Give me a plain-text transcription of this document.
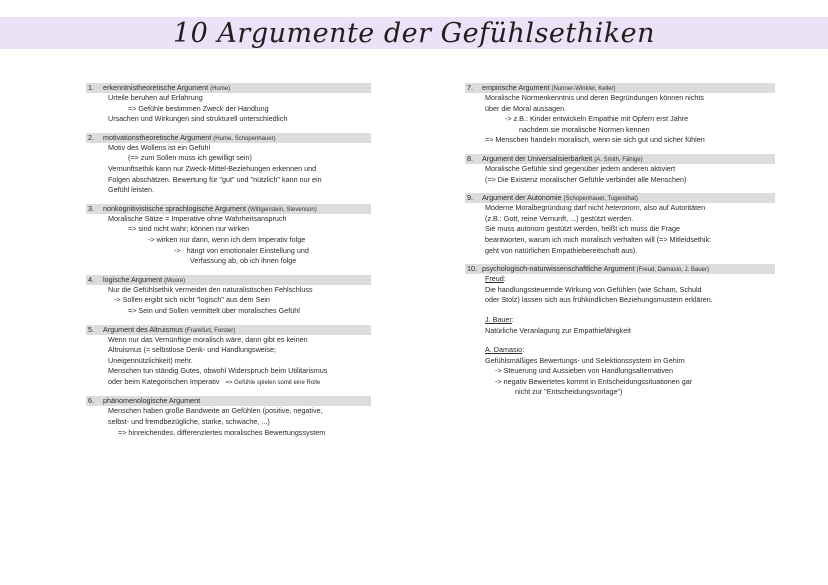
10 Argumente der Gefühlsethiken
1. erkenntnistheoretische Argument (Hume)
Urteile beruhen auf Erfahrung
=> Gefühle bestimmen Zweck der Handlung
Ursachen und Wirkungen sind strukturell unterschiedlich
2. motivationstheoretische Argument (Hume, Schopenhauer)
Motiv des Wollens ist ein Gefühl
(=> zum Sollen muss ich gewilligt sein)
Vernunftsethik kann nur Zweck-Mittel-Beziehungen erkennen und
Folgen abschätzen. Bewertung für "gut" und "nützlich" kann nur ein
Gefühl leisten.
3. nonkognitivistische sprachlogische Argument (Wittgenstein, Stevenson)
Moralische Sätze = Imperative ohne Wahrheitsanspruch
=> sind nicht wahr; können nur wirken
-> wirken nur dann, wenn ich dem Imperativ folge
-> hängt von emotionaler Einstellung und
Verfassung ab, ob ich ihnen folge
4. logische Argument (Moore)
Nur die Gefühlsethik vermeidet den naturalistischen Fehlschluss
-> Sollen ergibt sich nicht "logisch" aus dem Sein
=> Sein und Sollen vermittelt über moralisches Gefühl
5. Argument des Altruismus (Frankfurt, Forster)
Wenn nur das Vernünftige moralisch wäre, dann gibt es keinen
Altruismus (= selbstlose Denk- und Handlungsweise;
Uneigennützlichkeit) mehr.
Menschen tun ständig Gutes, obwohl Widerspruch beim Utilitarismus
oder beim Kategorischen Imperativ => Gefühle spielen somit eine Rolle
6. phänomenologische Argument
Menschen haben große Bandweite an Gefühlen (positive, negative,
selbst- und fremdbezügliche, starke, schwache, ...)
=> hinreichendes, differenziertes moralisches Bewertungssystem
7. empirische Argument (Nunner-Winkler, Keller)
Moralische Normenkenntnis und deren Begründungen können nichts
über die Moral aussagen.
-> z.B.: Kinder entwickeln Empathie mit Opfern erst Jahre
nachdem sie moralische Normen kennen
=> Menschen handeln moralisch, wenn sie sich gut und sicher fühlen
8. Argument der Universalisierbarkeit (A. Smith, Fähige)
Moralische Gefühle sind gegenüber jedem anderen aktiviert
(=> Die Existenz moralischer Gefühle verbindet alle Menschen)
9. Argument der Autonomie (Schopenhauer, Tugendhat)
Moderne Moralbegründung darf nicht heteronom, also auf Autoritäten
(z.B.: Gott, reine Vernunft, ...) gestützt werden.
Sie muss autonom gestützt werden, heißt ich muss die Frage
beantworten, warum ich mich moralisch verhalten will (=> Mitleidsethik:
geht von natürlichen Empathiebereitschaft aus).
10. psychologisch-naturwissenschaftliche Argument (Freud, Damasio, J. Bauer)
Freud:
Die handlungssteuernde Wirkung von Gefühlen (wie Scham, Schuld
oder Stolz) lassen sich aus frühkindlichen Beziehungsmustern erklären.
J. Bauer:
Natürliche Veranlagung zur Empathiefähigkeit
A. Damasio:
Gefühlsmäßiges Bewertungs- und Selektionssystem im Gehirn
-> Steuerung und Aussieben von Handlungsalternativen
-> negativ Bewertetes kommt in Entscheidungssituationen gar
nicht zur "Entscheidungsvorlage")
